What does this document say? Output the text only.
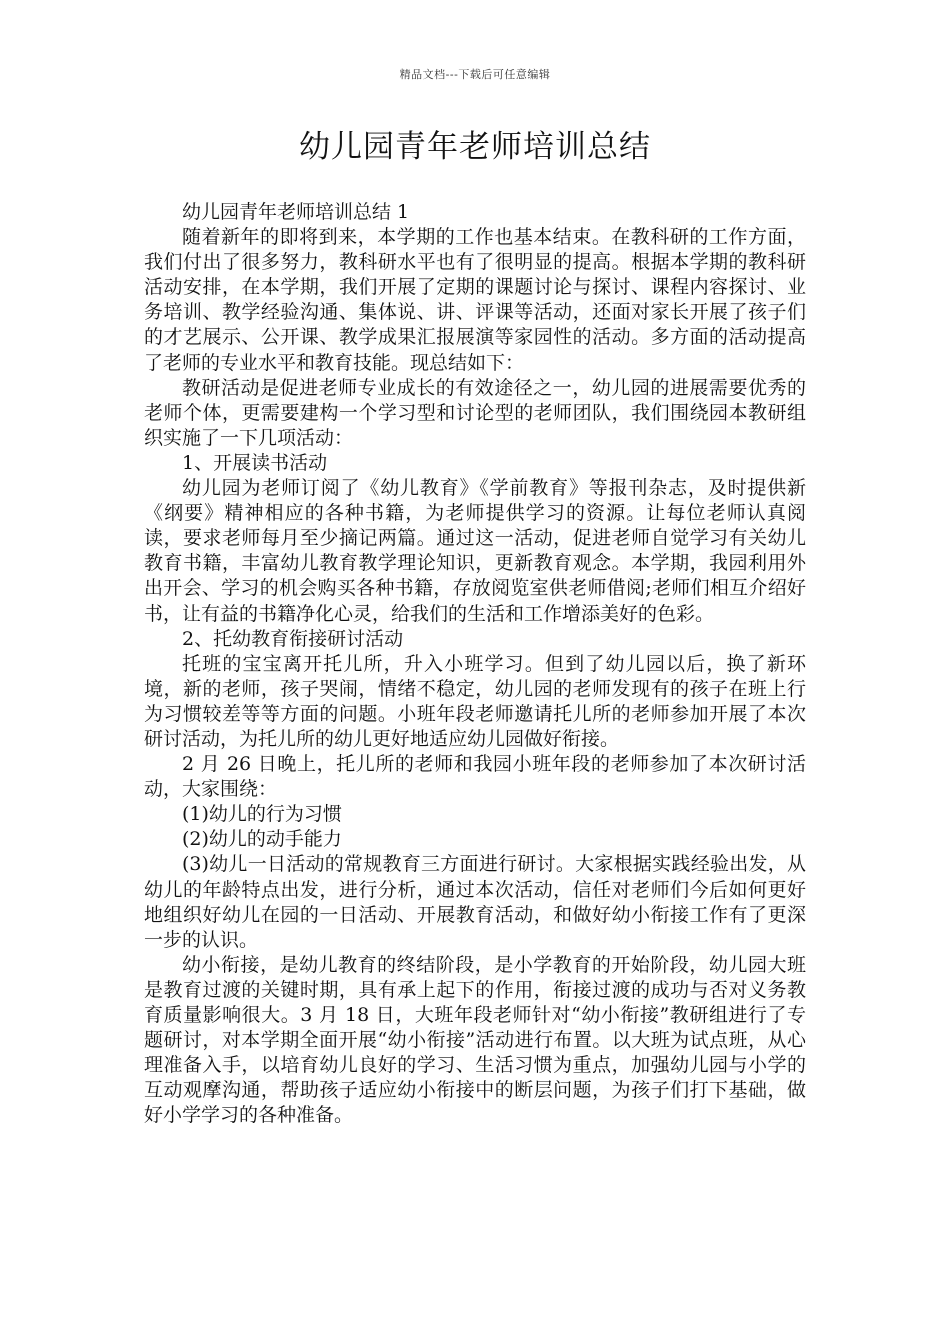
精品文档---下载后可任意编辑
幼儿园青年老师培训总结

幼儿园青年老师培训总结 1

随着新年的即将到来，本学期的工作也基本结束。在教科研的工作方面，我们付出了很多努力，教科研水平也有了很明显的提高。根据本学期的教科研活动安排，在本学期，我们开展了定期的课题讨论与探讨、课程内容探讨、业务培训、教学经验沟通、集体说、讲、评课等活动，还面对家长开展了孩子们的才艺展示、公开课、教学成果汇报展演等家园性的活动。多方面的活动提高了老师的专业水平和教育技能。现总结如下：

教研活动是促进老师专业成长的有效途径之一，幼儿园的进展需要优秀的老师个体，更需要建构一个学习型和讨论型的老师团队，我们围绕园本教研组织实施了一下几项活动：

1、开展读书活动

幼儿园为老师订阅了《幼儿教育》《学前教育》等报刊杂志，及时提供新《纲要》精神相应的各种书籍，为老师提供学习的资源。让每位老师认真阅读，要求老师每月至少摘记两篇。通过这一活动，促进老师自觉学习有关幼儿教育书籍，丰富幼儿教育教学理论知识，更新教育观念。本学期，我园利用外出开会、学习的机会购买各种书籍，存放阅览室供老师借阅;老师们相互介绍好书，让有益的书籍净化心灵，给我们的生活和工作增添美好的色彩。

2、托幼教育衔接研讨活动

托班的宝宝离开托儿所，升入小班学习。但到了幼儿园以后，换了新环境，新的老师，孩子哭闹，情绪不稳定，幼儿园的老师发现有的孩子在班上行为习惯较差等等方面的问题。小班年段老师邀请托儿所的老师参加开展了本次研讨活动，为托儿所的幼儿更好地适应幼儿园做好衔接。

2 月 26 日晚上，托儿所的老师和我园小班年段的老师参加了本次研讨活动，大家围绕：

(1)幼儿的行为习惯

(2)幼儿的动手能力

(3)幼儿一日活动的常规教育三方面进行研讨。大家根据实践经验出发，从幼儿的年龄特点出发，进行分析，通过本次活动，信任对老师们今后如何更好地组织好幼儿在园的一日活动、开展教育活动，和做好幼小衔接工作有了更深一步的认识。

幼小衔接，是幼儿教育的终结阶段，是小学教育的开始阶段，幼儿园大班是教育过渡的关键时期，具有承上起下的作用，衔接过渡的成功与否对义务教育质量影响很大。3 月 18 日，大班年段老师针对“幼小衔接”教研组进行了专题研讨，对本学期全面开展“幼小衔接”活动进行布置。以大班为试点班，从心理准备入手，以培育幼儿良好的学习、生活习惯为重点，加强幼儿园与小学的互动观摩沟通，帮助孩子适应幼小衔接中的断层问题，为孩子们打下基础，做好小学学习的各种准备。
